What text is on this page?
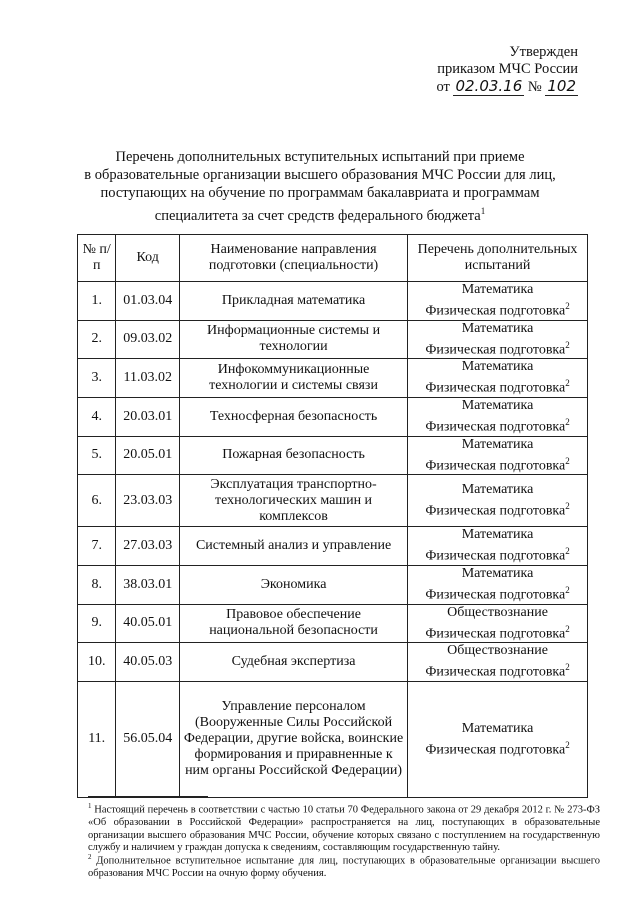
Утвержден
приказом МЧС России
от 02.03.16 № 102
Перечень дополнительных вступительных испытаний при приеме
в образовательные организации высшего образования МЧС России для лиц,
поступающих на обучение по программам бакалавриата и программам
специалитета за счет средств федерального бюджета$^1$
№ п/п	Код	Наименование направления подготовки (специальности)	Перечень дополнительных испытаний
1.	01.03.04	Прикладная математика	Математика
Физическая подготовка$^2$

2.	09.03.02	Информационные системы и технологии	Математика
Физическая подготовка$^2$

3.	11.03.02	Инфокоммуникационные технологии и системы связи	Математика
Физическая подготовка$^2$

4.	20.03.01	Техносферная безопасность	Математика
Физическая подготовка$^2$

5.	20.05.01	Пожарная безопасность	Математика
Физическая подготовка$^2$

6.	23.03.03	Эксплуатация транспортно-технологических машин и комплексов	Математика
Физическая подготовка$^2$

7.	27.03.03	Системный анализ и управление	Математика
Физическая подготовка$^2$

8.	38.03.01	Экономика	Математика
Физическая подготовка$^2$

9.	40.05.01	Правовое обеспечение национальной безопасности	Обществознание
Физическая подготовка$^2$

10.	40.05.03	Судебная экспертиза	Обществознание
Физическая подготовка$^2$

11.	56.05.04	Управление персоналом (Вооруженные Силы Российской Федерации, другие войска, воинские формирования и приравненные к ним органы Российской Федерации)	Математика
Физическая подготовка$^2$
$^1$ Настоящий перечень в соответствии с частью 10 статьи 70 Федерального закона от 29 декабря 2012 г. № 273-ФЗ «Об образовании в Российской Федерации» распространяется на лиц, поступающих в образовательные организации высшего образования МЧС России, обучение которых связано с поступлением на государственную службу и наличием у граждан допуска к сведениям, составляющим государственную тайну.
$^2$ Дополнительное вступительное испытание для лиц, поступающих в образовательные организации высшего образования МЧС России на очную форму обучения.
